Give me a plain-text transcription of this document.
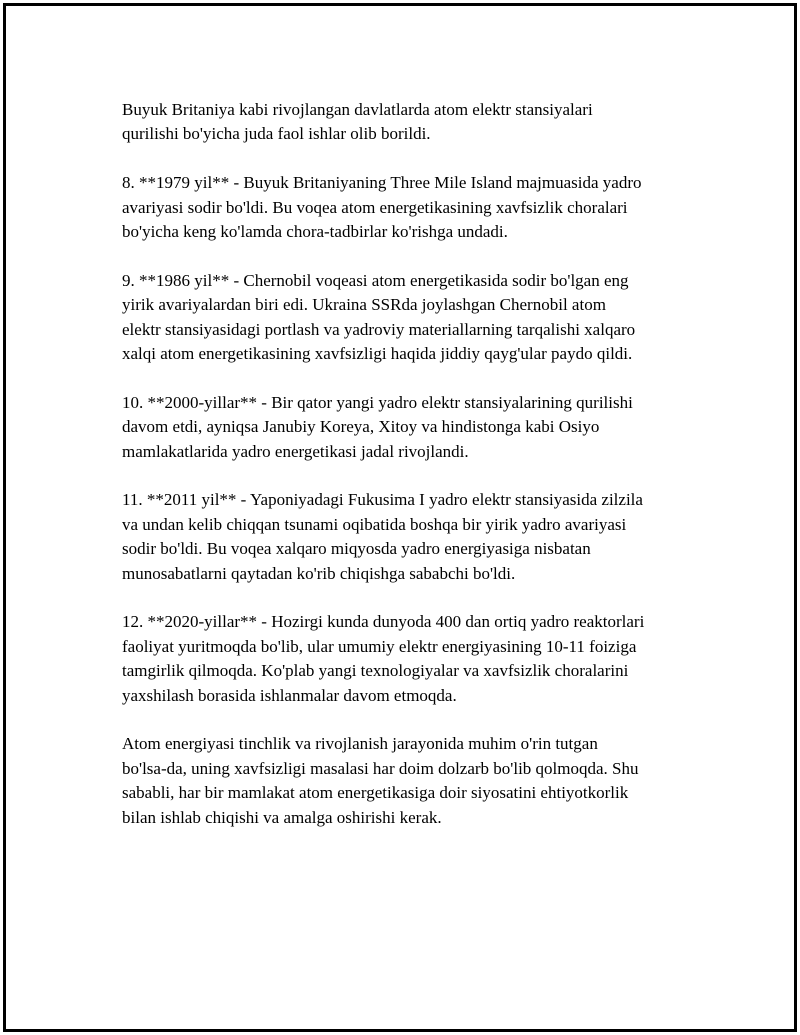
Buyuk Britaniya kabi rivojlangan davlatlarda atom elektr stansiyalari
qurilishi bo'yicha juda faol ishlar olib borildi.

8. **1979 yil** - Buyuk Britaniyaning Three Mile Island majmuasida yadro
avariyasi sodir bo'ldi. Bu voqea atom energetikasining xavfsizlik choralari
bo'yicha keng ko'lamda chora-tadbirlar ko'rishga undadi.

9. **1986 yil** - Chernobil voqeasi atom energetikasida sodir bo'lgan eng
yirik avariyalardan biri edi. Ukraina SSRda joylashgan Chernobil atom
elektr stansiyasidagi portlash va yadroviy materiallarning tarqalishi xalqaro
xalqi atom energetikasining xavfsizligi haqida jiddiy qayg'ular paydo qildi.

10. **2000-yillar** - Bir qator yangi yadro elektr stansiyalarining qurilishi
davom etdi, ayniqsa Janubiy Koreya, Xitoy va hindistonga kabi Osiyo
mamlakatlarida yadro energetikasi jadal rivojlandi.

11. **2011 yil** - Yaponiyadagi Fukusima I yadro elektr stansiyasida zilzila
va undan kelib chiqqan tsunami oqibatida boshqa bir yirik yadro avariyasi
sodir bo'ldi. Bu voqea xalqaro miqyosda yadro energiyasiga nisbatan
munosabatlarni qaytadan ko'rib chiqishga sababchi bo'ldi.

12. **2020-yillar** - Hozirgi kunda dunyoda 400 dan ortiq yadro reaktorlari
faoliyat yuritmoqda bo'lib, ular umumiy elektr energiyasining 10-11 foiziga
tamgirlik qilmoqda. Ko'plab yangi texnologiyalar va xavfsizlik choralarini
yaxshilash borasida ishlanmalar davom etmoqda.

Atom energiyasi tinchlik va rivojlanish jarayonida muhim o'rin tutgan
bo'lsa-da, uning xavfsizligi masalasi har doim dolzarb bo'lib qolmoqda. Shu
sababli, har bir mamlakat atom energetikasiga doir siyosatini ehtiyotkorlik
bilan ishlab chiqishi va amalga oshirishi kerak.
